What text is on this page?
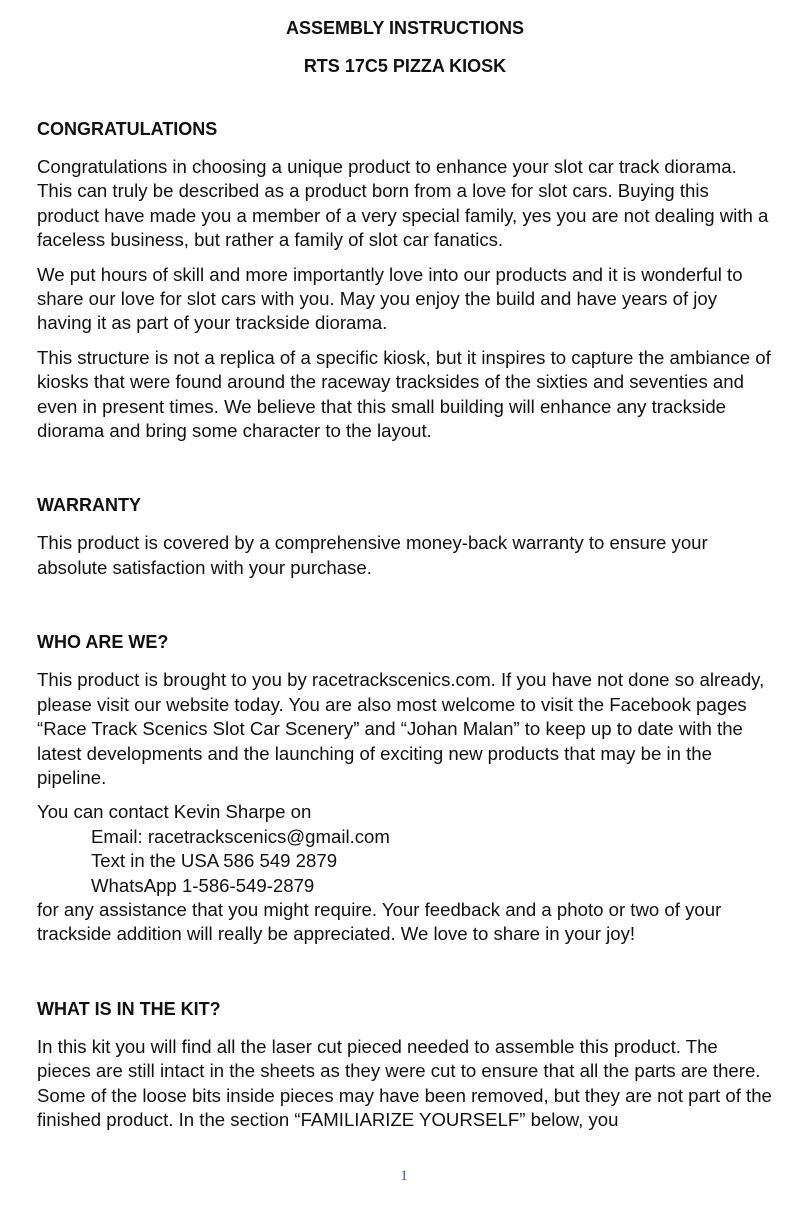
ASSEMBLY INSTRUCTIONS
RTS 17C5 PIZZA KIOSK
CONGRATULATIONS

Congratulations in choosing a unique product to enhance your slot car track diorama. This can truly be described as a product born from a love for slot cars. Buying this product have made you a member of a very special family, yes you are not dealing with a faceless business, but rather a family of slot car fanatics.

We put hours of skill and more importantly love into our products and it is wonderful to share our love for slot cars with you. May you enjoy the build and have years of joy having it as part of your trackside diorama.

This structure is not a replica of a specific kiosk, but it inspires to capture the ambiance of kiosks that were found around the raceway tracksides of the sixties and seventies and even in present times. We believe that this small building will enhance any trackside diorama and bring some character to the layout.

WARRANTY

This product is covered by a comprehensive money-back warranty to ensure your absolute satisfaction with your purchase.

WHO ARE WE?

This product is brought to you by racetrackscenics.com. If you have not done so already, please visit our website today. You are also most welcome to visit the Facebook pages “Race Track Scenics Slot Car Scenery” and “Johan Malan” to keep up to date with the latest developments and the launching of exciting new products that may be in the pipeline.

You can contact Kevin Sharpe on
Email: racetrackscenics@gmail.com
Text in the USA 586 549 2879
WhatsApp 1-586-549-2879
for any assistance that you might require. Your feedback and a photo or two of your trackside addition will really be appreciated. We love to share in your joy!

WHAT IS IN THE KIT?

In this kit you will find all the laser cut pieced needed to assemble this product. The pieces are still intact in the sheets as they were cut to ensure that all the parts are there. Some of the loose bits inside pieces may have been removed, but they are not part of the finished product. In the section “FAMILIARIZE YOURSELF” below, you

1
